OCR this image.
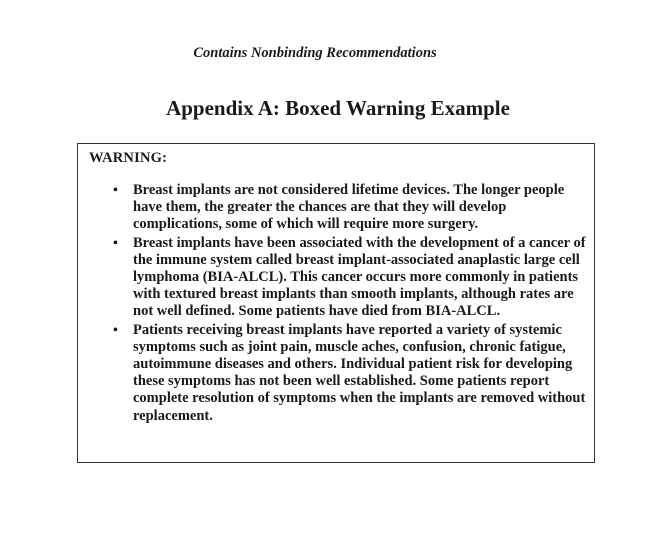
Contains Nonbinding Recommendations
Appendix A: Boxed Warning Example
WARNING:
• Breast implants are not considered lifetime devices. The longer people have them, the greater the chances are that they will develop complications, some of which will require more surgery.
• Breast implants have been associated with the development of a cancer of the immune system called breast implant-associated anaplastic large cell lymphoma (BIA-ALCL). This cancer occurs more commonly in patients with textured breast implants than smooth implants, although rates are not well defined. Some patients have died from BIA-ALCL.
• Patients receiving breast implants have reported a variety of systemic symptoms such as joint pain, muscle aches, confusion, chronic fatigue, autoimmune diseases and others. Individual patient risk for developing these symptoms has not been well established. Some patients report complete resolution of symptoms when the implants are removed without replacement.
